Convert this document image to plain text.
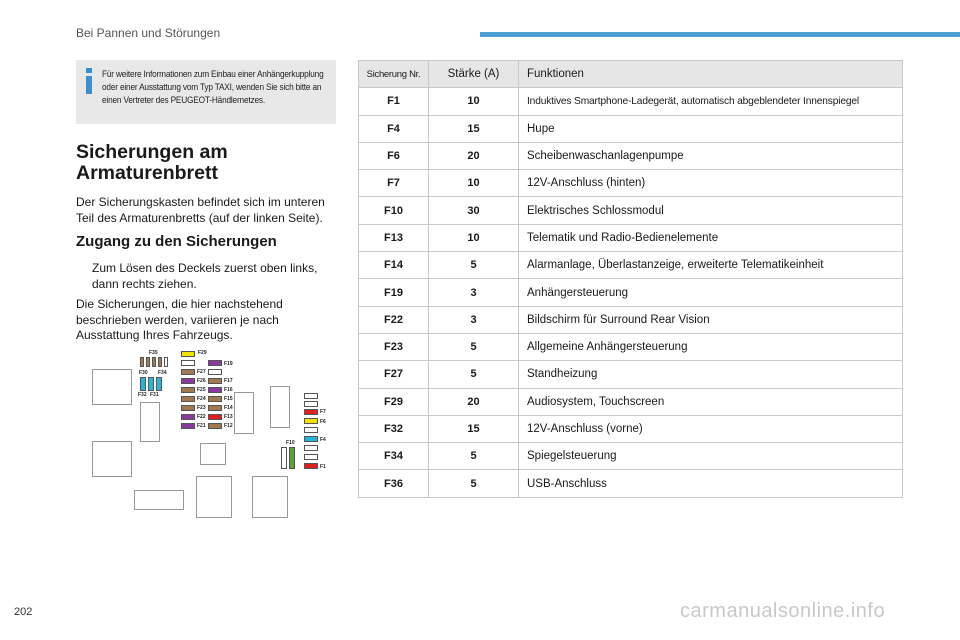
Bei Pannen und Störungen

Für weitere Informationen zum Einbau einer Anhängerkupplung oder einer Ausstattung vom Typ TAXI, wenden Sie sich bitte an einen Vertreter des PEUGEOT-Händlernetzes.

Sicherungen am Armaturenbrett
Der Sicherungskasten befindet sich im unteren Teil des Armaturenbretts (auf der linken Seite).
Zugang zu den Sicherungen
Zum Lösen des Deckels zuerst oben links, dann rechts ziehen.
Die Sicherungen, die hier nachstehend beschrieben werden, variieren je nach Ausstattung Ihres Fahrzeugs.
F35
F30 F34
F32 F31
F29
F19
F27
F26	F17
F25	F16
F24	F15
F23	F14
F22	F13
F21	F12
F7
F6
F4
F10
F1
Sicherung Nr.	Stärke (A)	Funktionen
F1	10	Induktives Smartphone-Ladegerät, automatisch abgeblendeter Innenspiegel
F4	15	Hupe
F6	20	Scheibenwaschanlagenpumpe
F7	10	12V-Anschluss (hinten)
F10	30	Elektrisches Schlossmodul
F13	10	Telematik und Radio-Bedienelemente
F14	5	Alarmanlage, Überlastanzeige, erweiterte Telematikeinheit
F19	3	Anhängersteuerung
F22	3	Bildschirm für Surround Rear Vision
F23	5	Allgemeine Anhängersteuerung
F27	5	Standheizung
F29	20	Audiosystem, Touchscreen
F32	15	12V-Anschluss (vorne)
F34	5	Spiegelsteuerung
F36	5	USB-Anschluss
202	carmanualsonline.info
